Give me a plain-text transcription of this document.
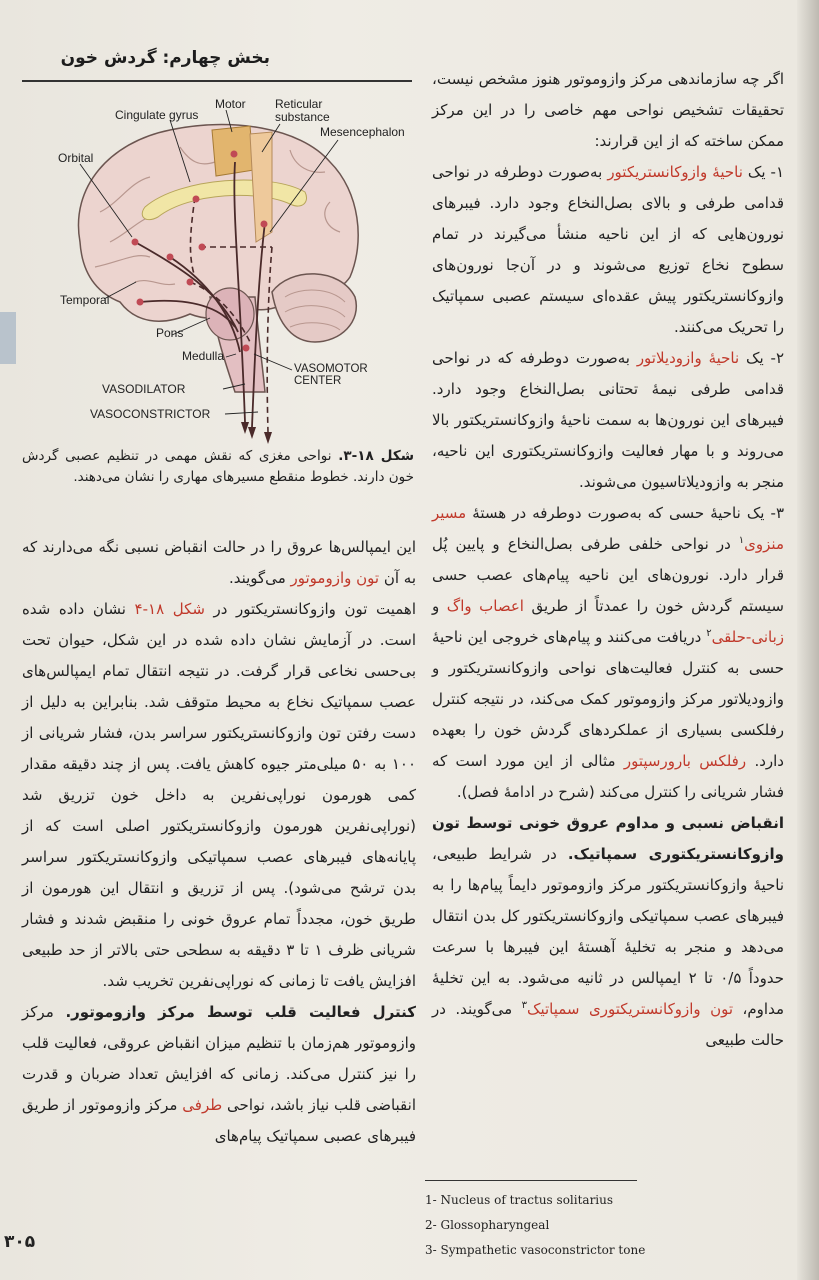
بخش چهارم: گردش خون
Motor
Cingulate gyrus
Reticular substance
Mesencephalon
Orbital
Temporal
Pons
Medulla
VASOMOTOR CENTER
VASODILATOR
VASOCONSTRICTOR
شکل ۱۸-۳. نواحی مغزی که نقش مهمی در تنظیم عصبی گردش خون دارند. خطوط منقطع مسیرهای مهاری را نشان می‌دهند.

اگر چه سازماندهی مرکز وازوموتور هنوز مشخص نیست، تحقیقات تشخیص نواحی مهم خاصی را در این مرکز ممکن ساخته که از این قرارند:

۱- یک ناحیهٔ وازوکانستریکتور به‌صورت دوطرفه در نواحی قدامی طرفی و بالای بصل‌النخاع وجود دارد. فیبرهای نورون‌هایی که از این ناحیه منشأ می‌گیرند در تمام سطوح نخاع توزیع می‌شوند و در آن‌جا نورون‌های وازوکانستریکتور پیش عقده‌ای سیستم عصبی سمپاتیک را تحریک می‌کنند.

۲- یک ناحیهٔ وازودیلاتور به‌صورت دوطرفه که در نواحی قدامی طرفی نیمهٔ تحتانی بصل‌النخاع وجود دارد. فیبرهای این نورون‌ها به سمت ناحیهٔ وازوکانستریکتور بالا می‌روند و با مهار فعالیت وازوکانستریکتوری این ناحیه، منجر به وازودیلاتاسیون می‌شوند.

۳- یک ناحیهٔ حسی که به‌صورت دوطرفه در هستهٔ مسیر منزوی$^۱$ در نواحی خلفی طرفی بصل‌النخاع و پایین پُل قرار دارد. نورون‌های این ناحیه پیام‌های عصب حسی سیستم گردش خون را عمدتاً از طریق اعصاب واگ و زبانی-حلقی$^۲$ دریافت می‌کنند و پیام‌های خروجی این ناحیهٔ حسی به کنترل فعالیت‌های نواحی وازوکانستریکتور و وازودیلاتور مرکز وازوموتور کمک می‌کند، در نتیجه کنترل رفلکسی بسیاری از عملکردهای گردش خون را بعهده دارد. رفلکس بارورسپتور مثالی از این مورد است که فشار شریانی را کنترل می‌کند (شرح در ادامهٔ فصل).

انقباض نسبی و مداوم عروق خونی توسط تون وازوکانستریکتوری سمپاتیک. در شرایط طبیعی، ناحیهٔ وازوکانستریکتور مرکز وازوموتور دایماً پیام‌ها را به فیبرهای عصب سمپاتیکی وازوکانستریکتور کل بدن انتقال می‌دهد و منجر به تخلیهٔ آهستهٔ این فیبرها با سرعت حدوداً ۰/۵ تا ۲ ایمپالس در ثانیه می‌شود. به این تخلیهٔ مداوم، تون وازوکانستریکتوری سمپاتیک$^۳$ می‌گویند. در حالت طبیعی

این ایمپالس‌ها عروق را در حالت انقباض نسبی نگه می‌دارند که به آن تون وازوموتور می‌گویند.

اهمیت تون وازوکانستریکتور در شکل ۱۸-۴ نشان داده شده است. در آزمایش نشان داده شده در این شکل، حیوان تحت بی‌حسی نخاعی قرار گرفت. در نتیجه انتقال تمام ایمپالس‌های عصب سمپاتیک نخاع به محیط متوقف شد. بنابراین به دلیل از دست رفتن تون وازوکانستریکتور سراسر بدن، فشار شریانی از ۱۰۰ به ۵۰ میلی‌متر جیوه کاهش یافت. پس از چند دقیقه مقدار کمی هورمون نوراپی‌نفرین به داخل خون تزریق شد (نوراپی‌نفرین هورمون وازوکانستریکتور اصلی است که از پایانه‌های فیبرهای عصب سمپاتیکی وازوکانستریکتور سراسر بدن ترشح می‌شود). پس از تزریق و انتقال این هورمون از طریق خون، مجدداً تمام عروق خونی را منقبض شدند و فشار شریانی ظرف ۱ تا ۳ دقیقه به سطحی حتی بالاتر از حد طبیعی افزایش یافت تا زمانی که نوراپی‌نفرین تخریب شد.

کنترل فعالیت قلب توسط مرکز وازوموتور. مرکز وازوموتور هم‌زمان با تنظیم میزان انقباض عروقی، فعالیت قلب را نیز کنترل می‌کند. زمانی که افزایش تعداد ضربان و قدرت انقباضی قلب نیاز باشد، نواحی طرفی مرکز وازوموتور از طریق فیبرهای عصبی سمپاتیک پیام‌های

1- Nucleus of tractus solitarius
2- Glossopharyngeal
3- Sympathetic vasoconstrictor tone
۳۰۵
